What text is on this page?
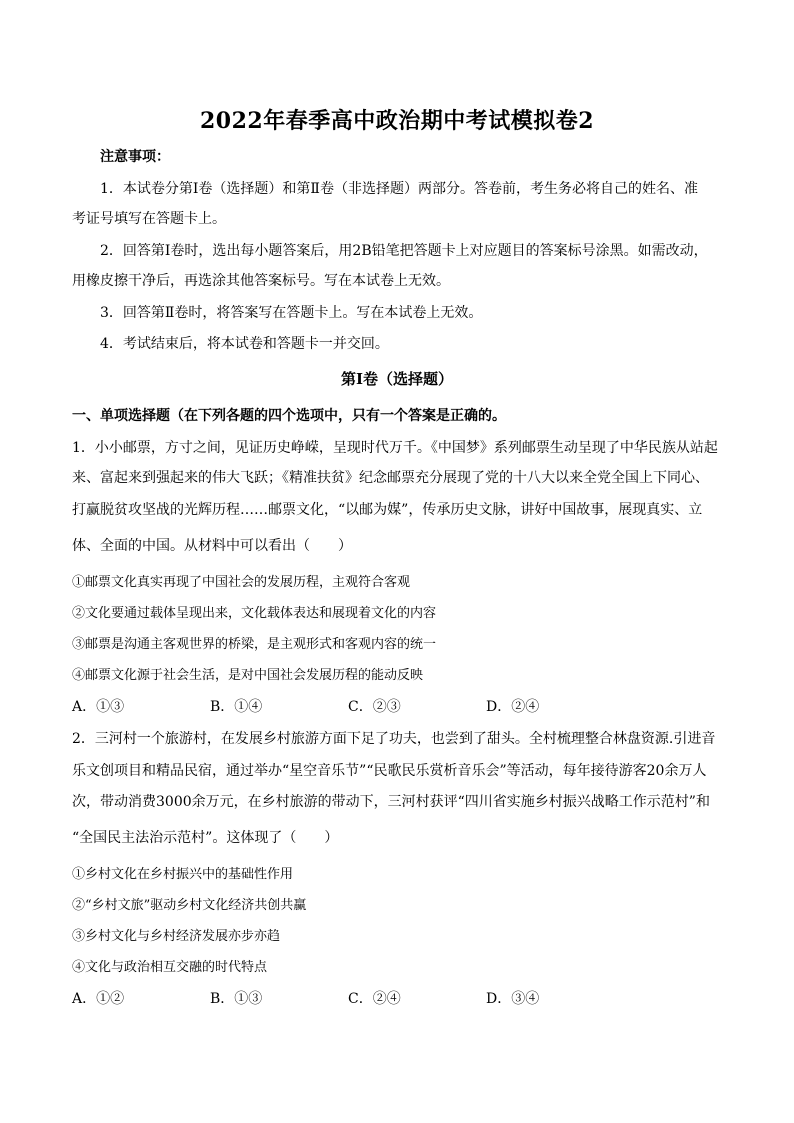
2022年春季高中政治期中考试模拟卷2
注意事项：
1．本试卷分第Ⅰ卷（选择题）和第Ⅱ卷（非选择题）两部分。答卷前，考生务必将自己的姓名、准
考证号填写在答题卡上。
2．回答第Ⅰ卷时，选出每小题答案后，用2B铅笔把答题卡上对应题目的答案标号涂黑。如需改动，
用橡皮擦干净后，再选涂其他答案标号。写在本试卷上无效。
3．回答第Ⅱ卷时，将答案写在答题卡上。写在本试卷上无效。
4．考试结束后，将本试卷和答题卡一并交回。
第Ⅰ卷（选择题）
一、单项选择题（在下列各题的四个选项中，只有一个答案是正确的。
1．小小邮票，方寸之间，见证历史峥嵘，呈现时代万千。《中国梦》系列邮票生动呈现了中华民族从站起
来、富起来到强起来的伟大飞跃；《精准扶贫》纪念邮票充分展现了党的十八大以来全党全国上下同心、
打赢脱贫攻坚战的光辉历程……邮票文化，“以邮为媒”，传承历史文脉，讲好中国故事，展现真实、立
体、全面的中国。从材料中可以看出（　　）
①邮票文化真实再现了中国社会的发展历程，主观符合客观
②文化要通过载体呈现出来，文化载体表达和展现着文化的内容
③邮票是沟通主客观世界的桥梁，是主观形式和客观内容的统一
④邮票文化源于社会生活，是对中国社会发展历程的能动反映
A．①③	B．①④	C．②③	D．②④
2．三河村一个旅游村，在发展乡村旅游方面下足了功夫，也尝到了甜头。全村梳理整合林盘资源.引进音
乐文创项目和精品民宿，通过举办“星空音乐节”“民歌民乐赏析音乐会”等活动，每年接待游客20余万人
次，带动消费3000余万元，在乡村旅游的带动下，三河村获评“四川省实施乡村振兴战略工作示范村”和
“全国民主法治示范村”。这体现了（　　）
①乡村文化在乡村振兴中的基础性作用
②“乡村文旅”驱动乡村文化经济共创共赢
③乡村文化与乡村经济发展亦步亦趋
④文化与政治相互交融的时代特点
A．①②	B．①③	C．②④	D．③④
